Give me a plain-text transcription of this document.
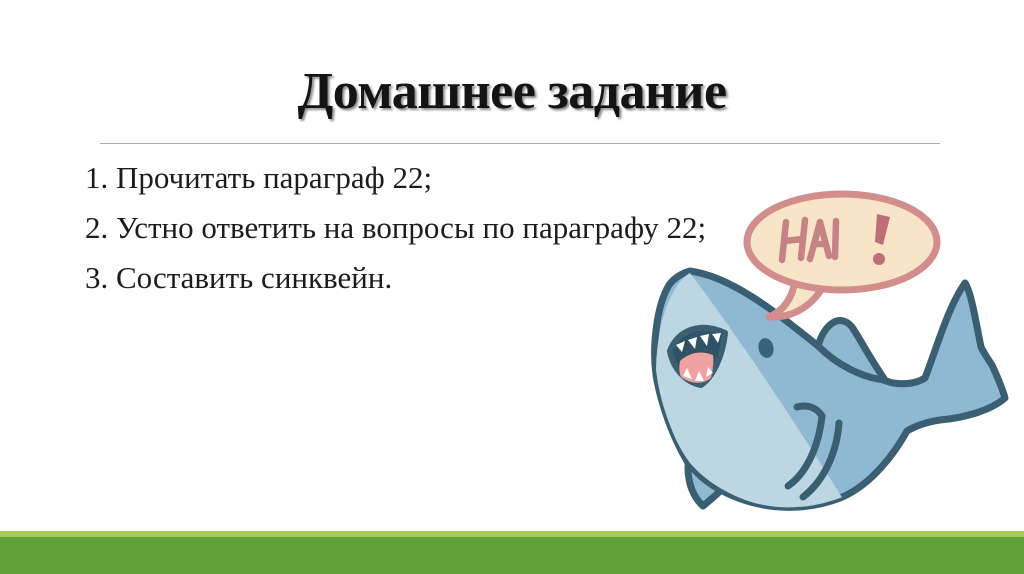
Домашнее задание
1. Прочитать параграф 22;
2. Устно ответить на вопросы по параграфу 22;
3. Составить синквейн.
